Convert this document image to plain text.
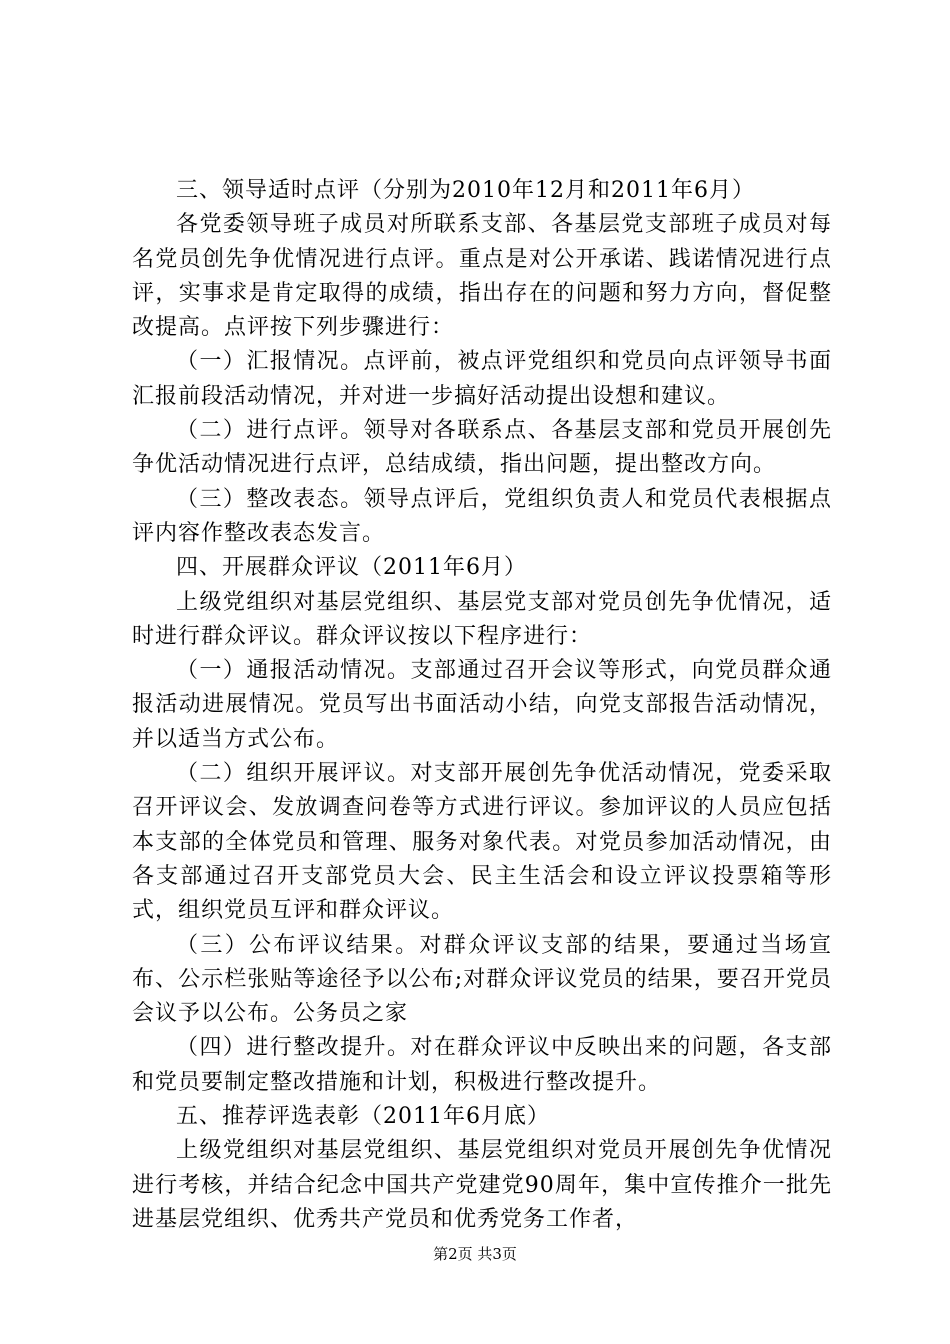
三、领导适时点评（分别为2010年12月和2011年6月）

各党委领导班子成员对所联系支部、各基层党支部班子成员对每名党员创先争优情况进行点评。重点是对公开承诺、践诺情况进行点评，实事求是肯定取得的成绩，指出存在的问题和努力方向，督促整改提高。点评按下列步骤进行：

（一）汇报情况。点评前，被点评党组织和党员向点评领导书面汇报前段活动情况，并对进一步搞好活动提出设想和建议。

（二）进行点评。领导对各联系点、各基层支部和党员开展创先争优活动情况进行点评，总结成绩，指出问题，提出整改方向。

（三）整改表态。领导点评后，党组织负责人和党员代表根据点评内容作整改表态发言。

四、开展群众评议（2011年6月）

上级党组织对基层党组织、基层党支部对党员创先争优情况，适时进行群众评议。群众评议按以下程序进行：

（一）通报活动情况。支部通过召开会议等形式，向党员群众通报活动进展情况。党员写出书面活动小结，向党支部报告活动情况，并以适当方式公布。

（二）组织开展评议。对支部开展创先争优活动情况，党委采取召开评议会、发放调查问卷等方式进行评议。参加评议的人员应包括本支部的全体党员和管理、服务对象代表。对党员参加活动情况，由各支部通过召开支部党员大会、民主生活会和设立评议投票箱等形式，组织党员互评和群众评议。

（三）公布评议结果。对群众评议支部的结果，要通过当场宣布、公示栏张贴等途径予以公布;对群众评议党员的结果，要召开党员会议予以公布。公务员之家

（四）进行整改提升。对在群众评议中反映出来的问题，各支部和党员要制定整改措施和计划，积极进行整改提升。

五、推荐评选表彰（2011年6月底）

上级党组织对基层党组织、基层党组织对党员开展创先争优情况进行考核，并结合纪念中国共产党建党90周年，集中宣传推介一批先进基层党组织、优秀共产党员和优秀党务工作者，

第2页 共3页
